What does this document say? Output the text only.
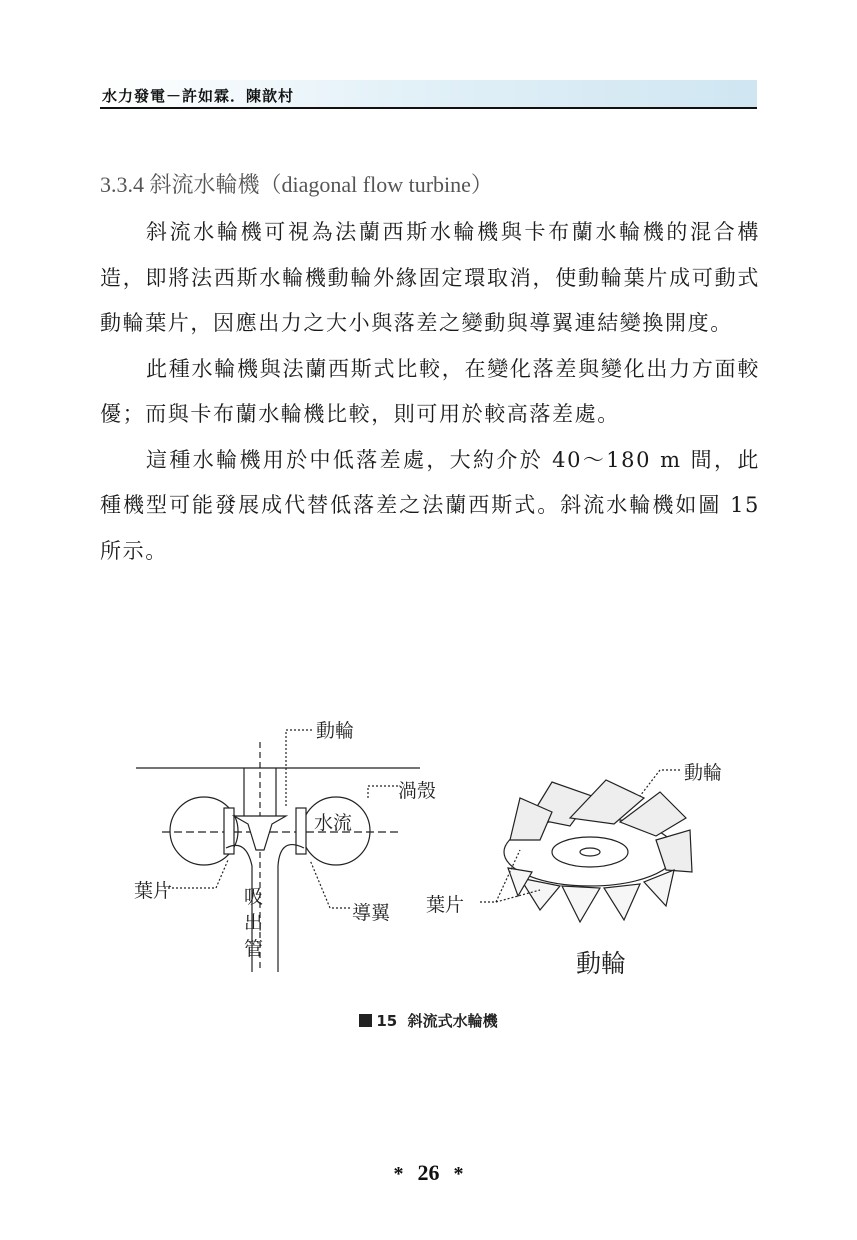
水力發電－許如霖．陳歆村
3.3.4 斜流水輪機（diagonal flow turbine）

斜流水輪機可視為法蘭西斯水輪機與卡布蘭水輪機的混合構造，即將法西斯水輪機動輪外緣固定環取消，使動輪葉片成可動式動輪葉片，因應出力之大小與落差之變動與導翼連結變換開度。

此種水輪機與法蘭西斯式比較，在變化落差與變化出力方面較優；而與卡布蘭水輪機比較，則可用於較高落差處。

這種水輪機用於中低落差處，大約介於 40～180 m 間，此種機型可能發展成代替低落差之法蘭西斯式。斜流水輪機如圖 15 所示。

動輪
渦殼
水流
葉片	吸出管
導翼 葉片
動輪
動輪
15 斜流式水輪機
* 26 *
